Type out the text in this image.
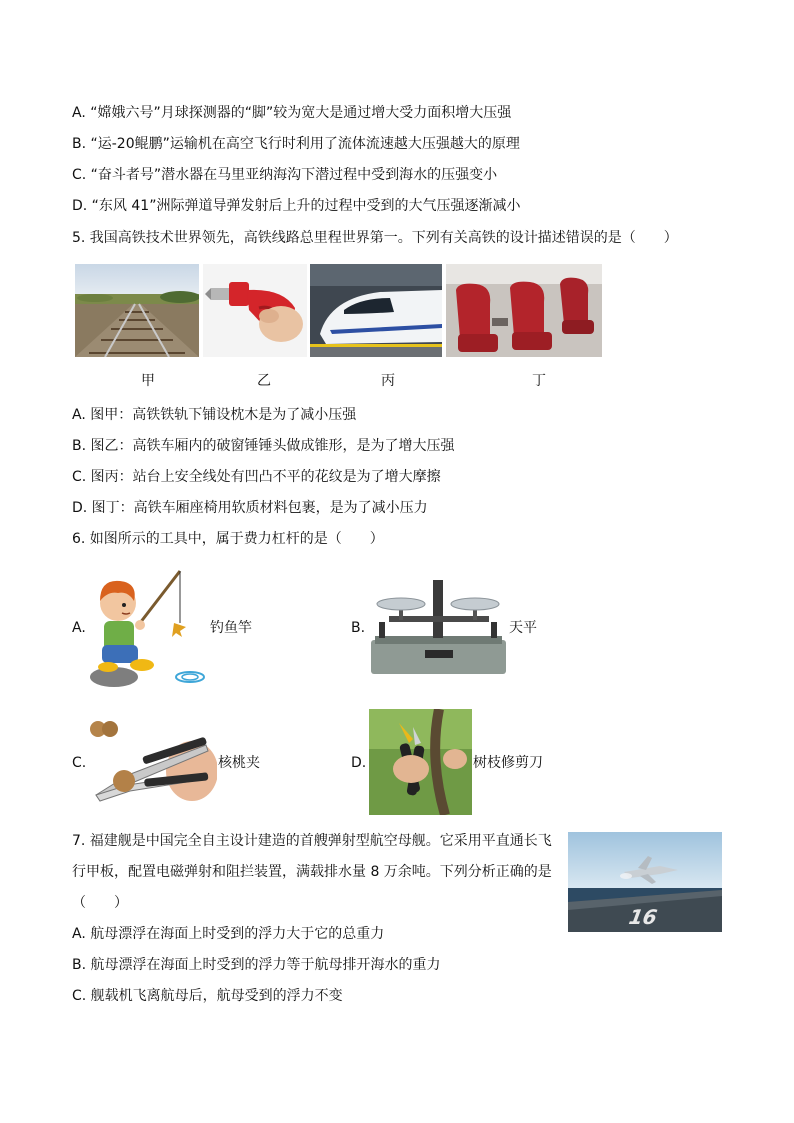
A. “嫦娥六号”月球探测器的“脚”较为宽大是通过增大受力面积增大压强
B. “运-20鲲鹏”运输机在高空飞行时利用了流体流速越大压强越大的原理
C. “奋斗者号”潜水器在马里亚纳海沟下潜过程中受到海水的压强变小
D. “东风 41”洲际弹道导弹发射后上升的过程中受到的大气压强逐渐减小
5. 我国高铁技术世界领先，高铁线路总里程世界第一。下列有关高铁的设计描述错误的是（　　）
甲	乙	丙	丁
A. 图甲：高铁铁轨下铺设枕木是为了减小压强
B. 图乙：高铁车厢内的破窗锤锤头做成锥形，是为了增大压强
C. 图丙：站台上安全线处有凹凸不平的花纹是为了增大摩擦
D. 图丁：高铁车厢座椅用软质材料包裹，是为了减小压力
6. 如图所示的工具中，属于费力杠杆的是（　　）
A.	钓鱼竿	B.	天平
C.	核桃夹	D.	树枝修剪刀
7. 福建舰是中国完全自主设计建造的首艘弹射型航空母舰。它采用平直通长飞
行甲板，配置电磁弹射和阻拦装置，满载排水量 8 万余吨。下列分析正确的是
（　　）
16
A. 航母漂浮在海面上时受到的浮力大于它的总重力
B. 航母漂浮在海面上时受到的浮力等于航母排开海水的重力
C. 舰载机飞离航母后，航母受到的浮力不变
